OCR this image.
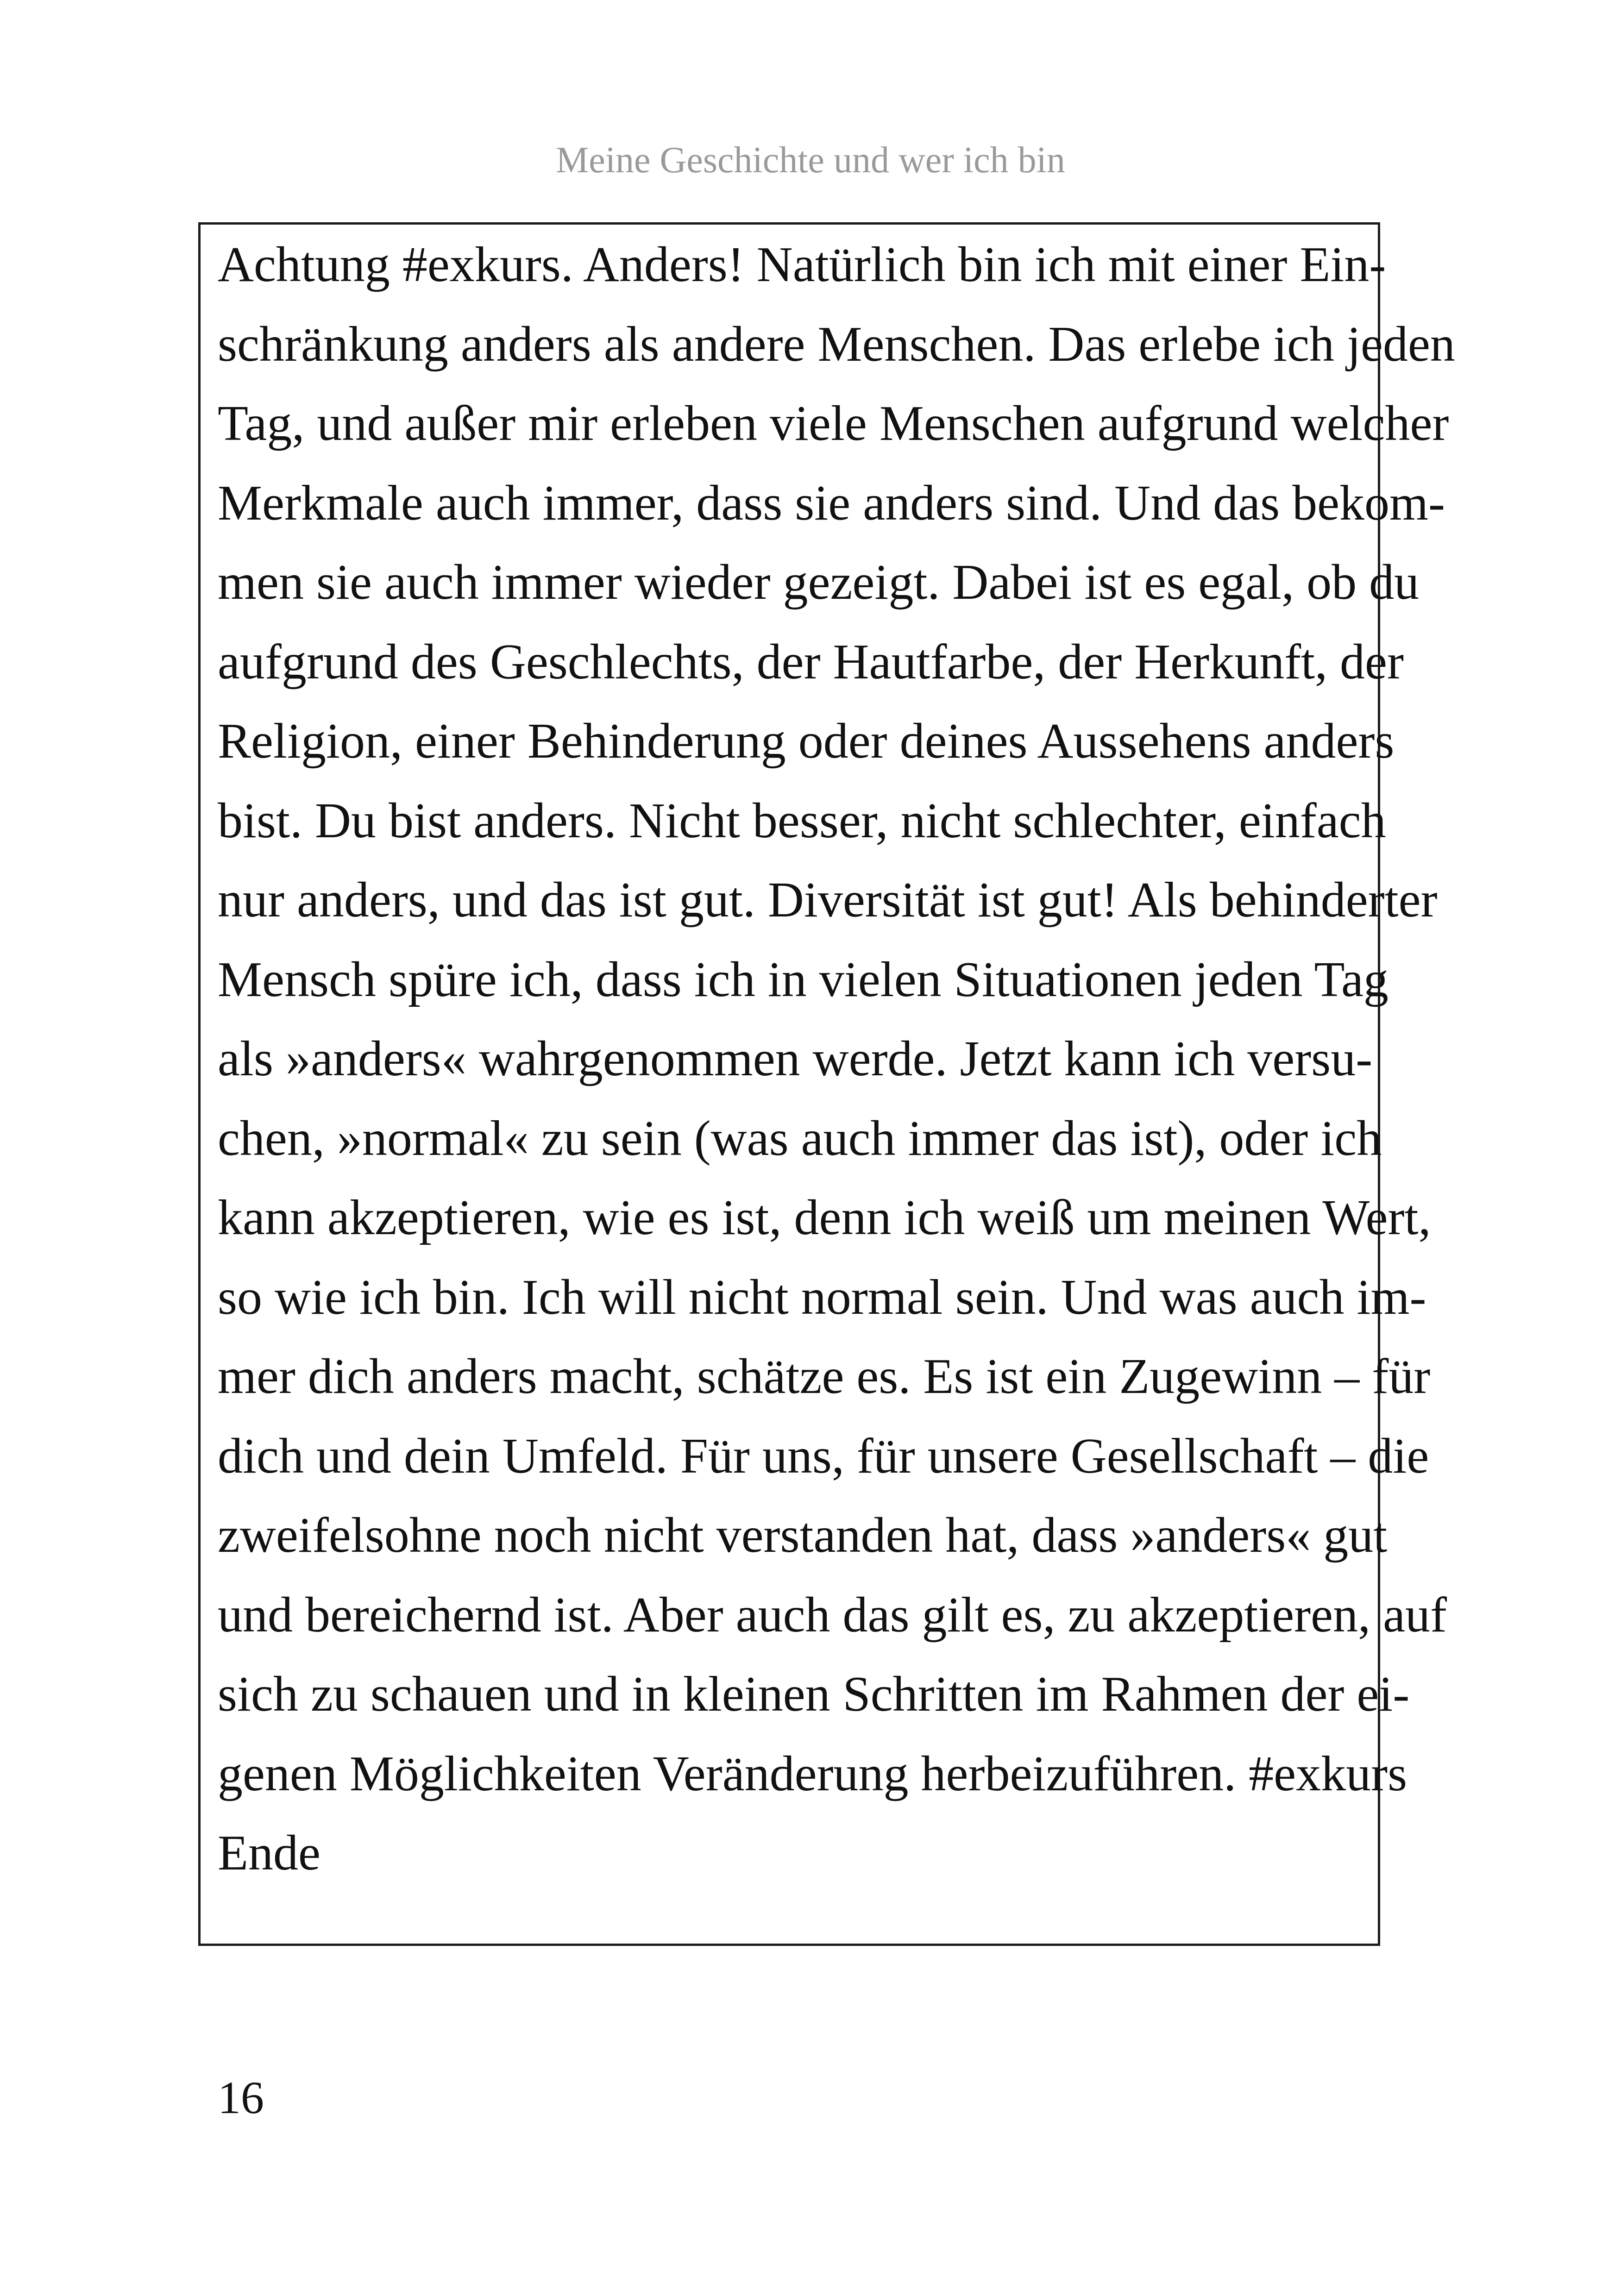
Meine Geschichte und wer ich bin
Achtung #exkurs. Anders! Natürlich bin ich mit einer Ein-
schränkung anders als andere Menschen. Das erlebe ich jeden
Tag, und außer mir erleben viele Menschen aufgrund welcher
Merkmale auch immer, dass sie anders sind. Und das bekom-
men sie auch immer wieder gezeigt. Dabei ist es egal, ob du
aufgrund des Geschlechts, der Hautfarbe, der Herkunft, der
Religion, einer Behinderung oder deines Aussehens anders
bist. Du bist anders. Nicht besser, nicht schlechter, einfach
nur anders, und das ist gut. Diversität ist gut! Als behinderter
Mensch spüre ich, dass ich in vielen Situationen jeden Tag
als »anders« wahrgenommen werde. Jetzt kann ich versu-
chen, »normal« zu sein (was auch immer das ist), oder ich
kann akzeptieren, wie es ist, denn ich weiß um meinen Wert,
so wie ich bin. Ich will nicht normal sein. Und was auch im-
mer dich anders macht, schätze es. Es ist ein Zugewinn – für
dich und dein Umfeld. Für uns, für unsere Gesellschaft – die
zweifelsohne noch nicht verstanden hat, dass »anders« gut
und bereichernd ist. Aber auch das gilt es, zu akzeptieren, auf
sich zu schauen und in kleinen Schritten im Rahmen der ei-
genen Möglichkeiten Veränderung herbeizuführen. #exkurs
Ende
16
